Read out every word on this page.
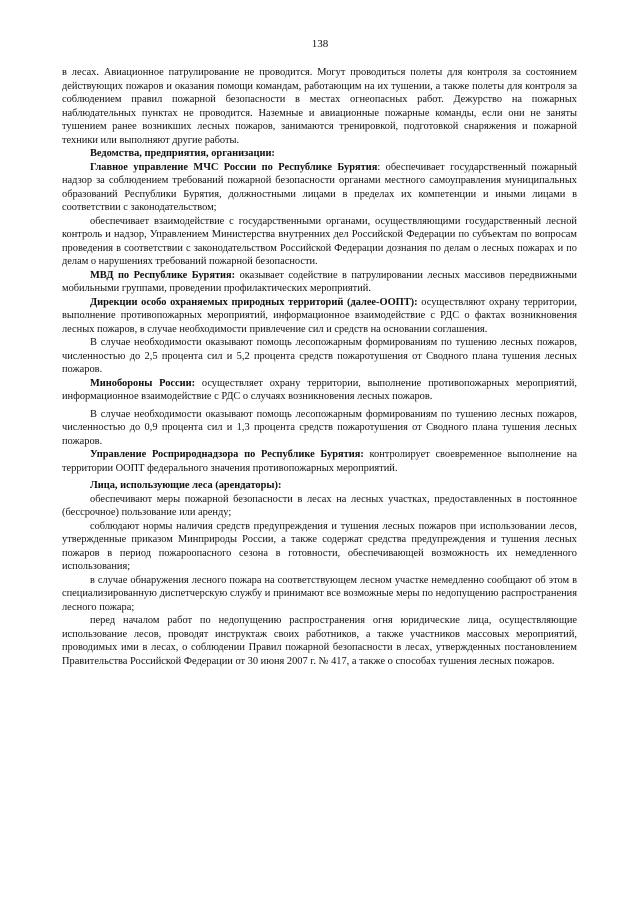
138

в лесах. Авиационное патрулирование не проводится. Могут проводиться полеты для контроля за состоянием действующих пожаров и оказания помощи командам, работающим на их тушении, а также полеты для контроля за соблюдением правил пожарной безопасности в местах огнеопасных работ. Дежурство на пожарных наблюдательных пунктах не проводится. Наземные и авиационные пожарные команды, если они не заняты тушением ранее возникших лесных пожаров, занимаются тренировкой, подготовкой снаряжения и пожарной техники или выполняют другие работы.

Ведомства, предприятия, организации:

Главное управление МЧС России по Республике Бурятия: обеспечивает государственный пожарный надзор за соблюдением требований пожарной безопасности органами местного самоуправления муниципальных образований Республики Бурятия, должностными лицами в пределах их компетенции и иными лицами в соответствии с законодательством;

обеспечивает взаимодействие с государственными органами, осуществляющими государственный лесной контроль и надзор, Управлением Министерства внутренних дел Российской Федерации по субъектам по вопросам проведения в соответствии с законодательством Российской Федерации дознания по делам о лесных пожарах и по делам о нарушениях требований пожарной безопасности.

МВД по Республике Бурятия: оказывает содействие в патрулировании лесных массивов передвижными мобильными группами, проведении профилактических мероприятий.

Дирекции особо охраняемых природных территорий (далее-ООПТ): осуществляют охрану территории, выполнение противопожарных мероприятий, информационное взаимодействие с РДС о фактах возникновения лесных пожаров, в случае необходимости привлечение сил и средств на основании соглашения.

В случае необходимости оказывают помощь лесопожарным формированиям по тушению лесных пожаров, численностью до 2,5 процента сил и 5,2 процента средств пожаротушения от Сводного плана тушения лесных пожаров.

Минобороны России: осуществляет охрану территории, выполнение противопожарных мероприятий, информационное взаимодействие с РДС о случаях возникновения лесных пожаров.

В случае необходимости оказывают помощь лесопожарным формированиям по тушению лесных пожаров, численностью до 0,9 процента сил и 1,3 процента средств пожаротушения от Сводного плана тушения лесных пожаров.

Управление Росприроднадзора по Республике Бурятия: контролирует своевременное выполнение на территории ООПТ федерального значения противопожарных мероприятий.

Лица, использующие леса (арендаторы):

обеспечивают меры пожарной безопасности в лесах на лесных участках, предоставленных в постоянное (бессрочное) пользование или аренду;

соблюдают нормы наличия средств предупреждения и тушения лесных пожаров при использовании лесов, утвержденные приказом Минприроды России, а также содержат средства предупреждения и тушения лесных пожаров в период пожароопасного сезона в готовности, обеспечивающей возможность их немедленного использования;

в случае обнаружения лесного пожара на соответствующем лесном участке немедленно сообщают об этом в специализированную диспетчерскую службу и принимают все возможные меры по недопущению распространения лесного пожара;

перед началом работ по недопущению распространения огня юридические лица, осуществляющие использование лесов, проводят инструктаж своих работников, а также участников массовых мероприятий, проводимых ими в лесах, о соблюдении Правил пожарной безопасности в лесах, утвержденных постановлением Правительства Российской Федерации от 30 июня 2007 г. № 417, а также о способах тушения лесных пожаров.
